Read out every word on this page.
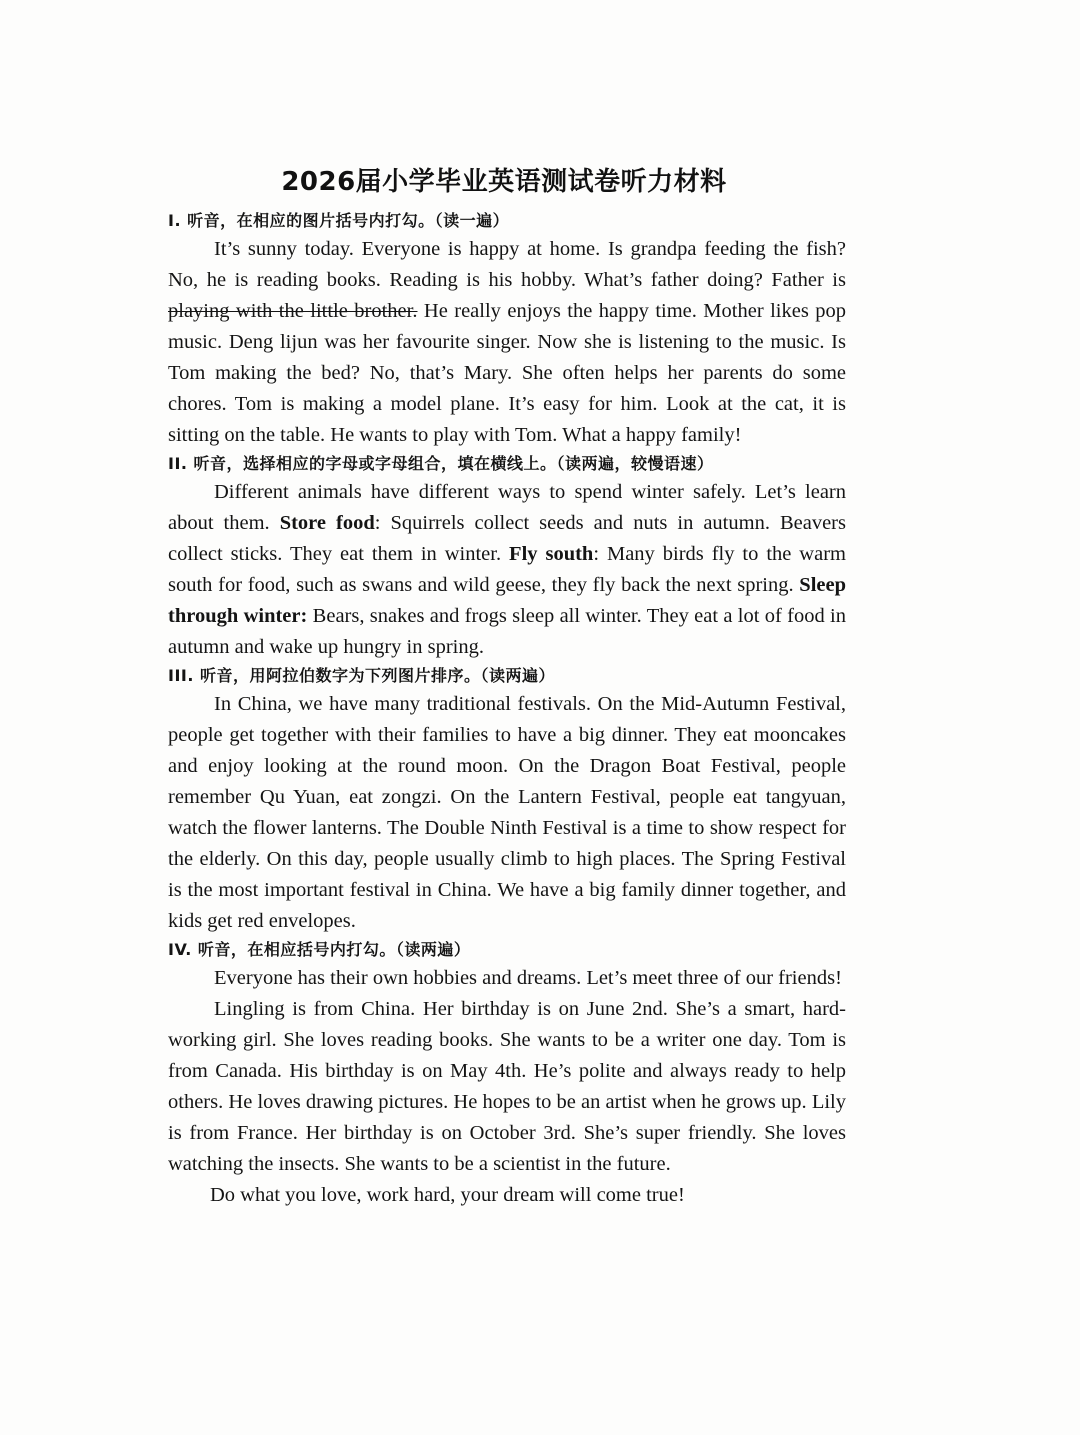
2026届小学毕业英语测试卷听力材料

I. 听音，在相应的图片括号内打勾。（读一遍）

It’s sunny today. Everyone is happy at home. Is grandpa feeding the fish? No, he is reading books. Reading is his hobby. What’s father doing? Father is playing with the little brother. He really enjoys the happy time. Mother likes pop music. Deng lijun was her favourite singer. Now she is listening to the music. Is Tom making the bed? No, that’s Mary. She often helps her parents do some chores. Tom is making a model plane. It’s easy for him. Look at the cat, it is sitting on the table. He wants to play with Tom. What a happy family!

II. 听音，选择相应的字母或字母组合，填在横线上。（读两遍，较慢语速）

Different animals have different ways to spend winter safely. Let’s learn about them. Store food: Squirrels collect seeds and nuts in autumn. Beavers collect sticks. They eat them in winter. Fly south: Many birds fly to the warm south for food, such as swans and wild geese, they fly back the next spring. Sleep through winter: Bears, snakes and frogs sleep all winter. They eat a lot of food in autumn and wake up hungry in spring.

III. 听音，用阿拉伯数字为下列图片排序。（读两遍）

In China, we have many traditional festivals. On the Mid-Autumn Festival, people get together with their families to have a big dinner. They eat mooncakes and enjoy looking at the round moon. On the Dragon Boat Festival, people remember Qu Yuan, eat zongzi. On the Lantern Festival, people eat tangyuan, watch the flower lanterns. The Double Ninth Festival is a time to show respect for the elderly. On this day, people usually climb to high places. The Spring Festival is the most important festival in China. We have a big family dinner together, and kids get red envelopes.

IV. 听音，在相应括号内打勾。（读两遍）

Everyone has their own hobbies and dreams. Let’s meet three of our friends!

Lingling is from China. Her birthday is on June 2nd. She’s a smart, hard-working girl. She loves reading books. She wants to be a writer one day. Tom is from Canada. His birthday is on May 4th. He’s polite and always ready to help others. He loves drawing pictures. He hopes to be an artist when he grows up. Lily is from France. Her birthday is on October 3rd. She’s super friendly. She loves watching the insects. She wants to be a scientist in the future.

Do what you love, work hard, your dream will come true!
